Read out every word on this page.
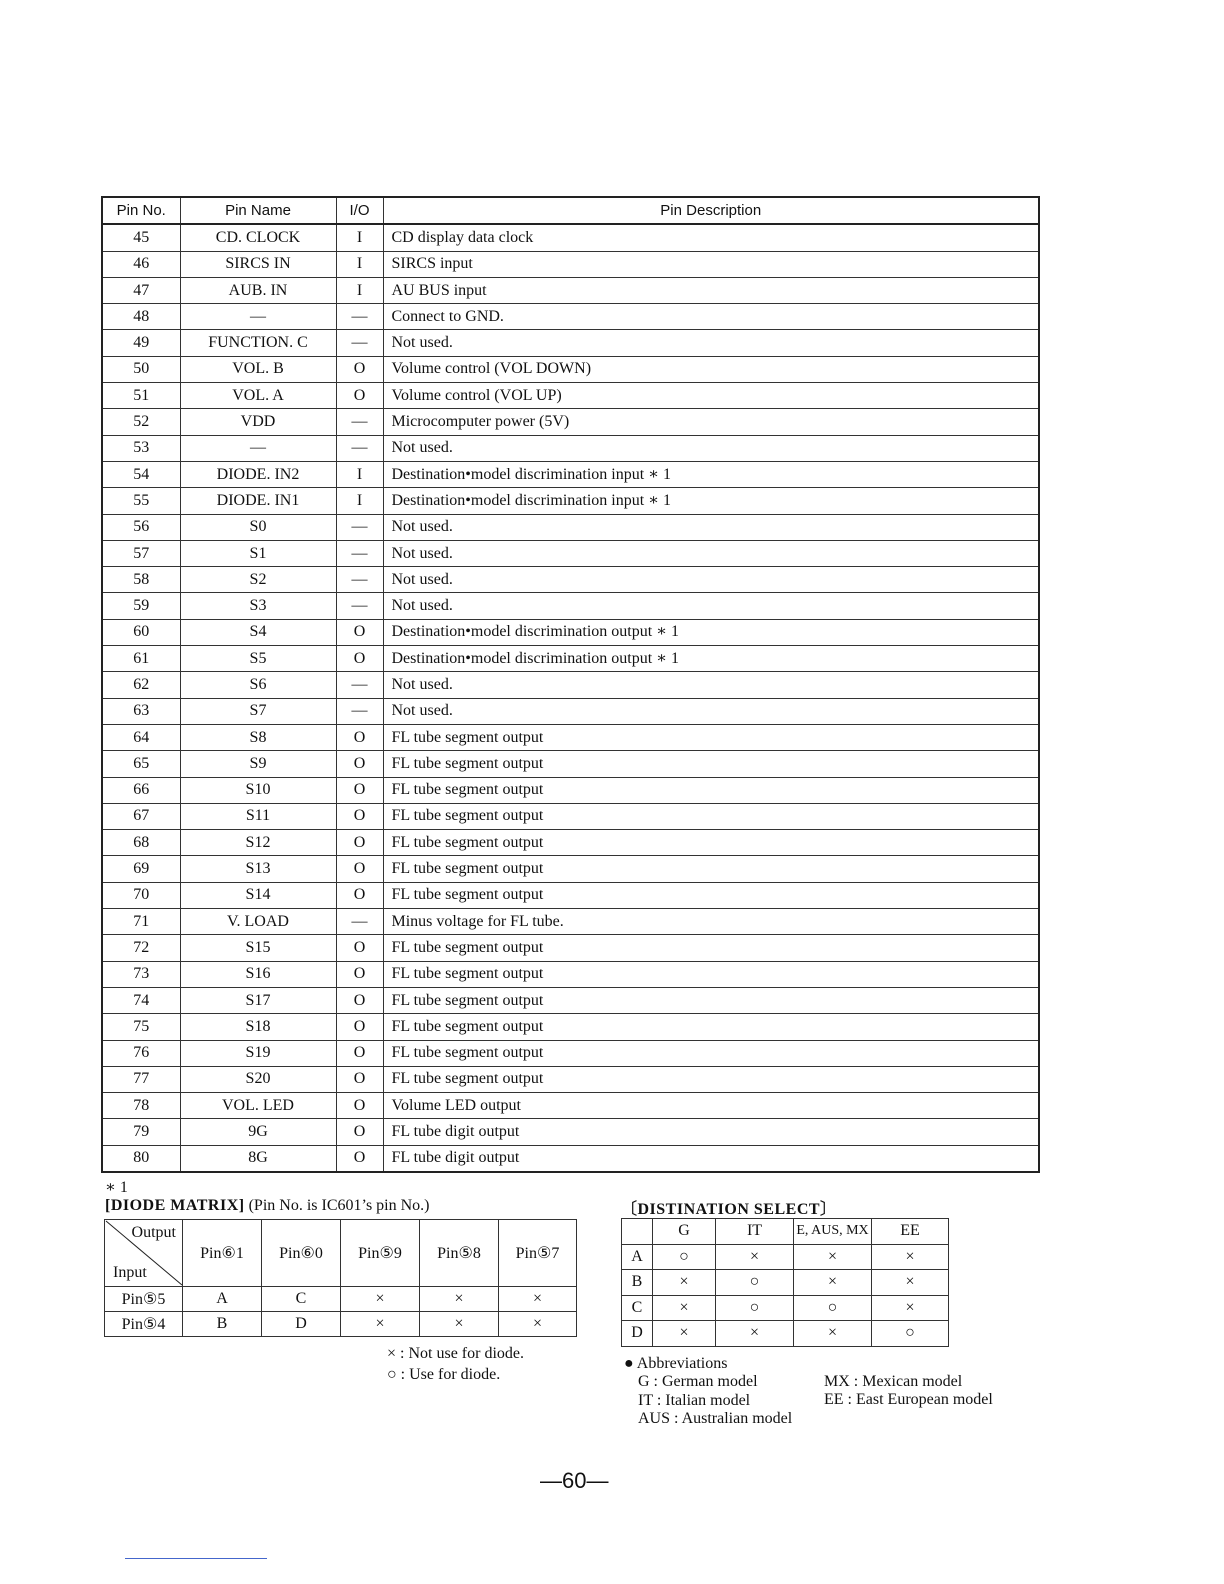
Pin No.	Pin Name	I/O	Pin Description
45	CD. CLOCK	I	CD display data clock
46	SIRCS IN	I	SIRCS input
47	AUB. IN	I	AU BUS input
48	—	—	Connect to GND.
49	FUNCTION. C	—	Not used.
50	VOL. B	O	Volume control (VOL DOWN)
51	VOL. A	O	Volume control (VOL UP)
52	VDD	—	Microcomputer power (5V)
53	—	—	Not used.
54	DIODE. IN2	I	Destination•model discrimination input ∗ 1
55	DIODE. IN1	I	Destination•model discrimination input ∗ 1
56	S0	—	Not used.
57	S1	—	Not used.
58	S2	—	Not used.
59	S3	—	Not used.
60	S4	O	Destination•model discrimination output ∗ 1
61	S5	O	Destination•model discrimination output ∗ 1
62	S6	—	Not used.
63	S7	—	Not used.
64	S8	O	FL tube segment output
65	S9	O	FL tube segment output
66	S10	O	FL tube segment output
67	S11	O	FL tube segment output
68	S12	O	FL tube segment output
69	S13	O	FL tube segment output
70	S14	O	FL tube segment output
71	V. LOAD	—	Minus voltage for FL tube.
72	S15	O	FL tube segment output
73	S16	O	FL tube segment output
74	S17	O	FL tube segment output
75	S18	O	FL tube segment output
76	S19	O	FL tube segment output
77	S20	O	FL tube segment output
78	VOL. LED	O	Volume LED output
79	9G	O	FL tube digit output
80	8G	O	FL tube digit output
∗ 1
[DIODE MATRIX] (Pin No. is IC601’s pin No.)
Output
Input	Pin⑥1	Pin⑥0	Pin⑤9	Pin⑤8	Pin⑤7
Pin⑤5	A	C	×	×	×
Pin⑤4	B	D	×	×	×
× : Not use for diode.
○ : Use for diode.
〔DISTINATION SELECT〕
	G	IT	E, AUS, MX	EE
A	○	×	×	×
B	×	○	×	×
C	×	○	○	×
D	×	×	×	○
● Abbreviations
G : German model
IT : Italian model
AUS : Australian model
MX : Mexican model
EE : East European model
—60—
